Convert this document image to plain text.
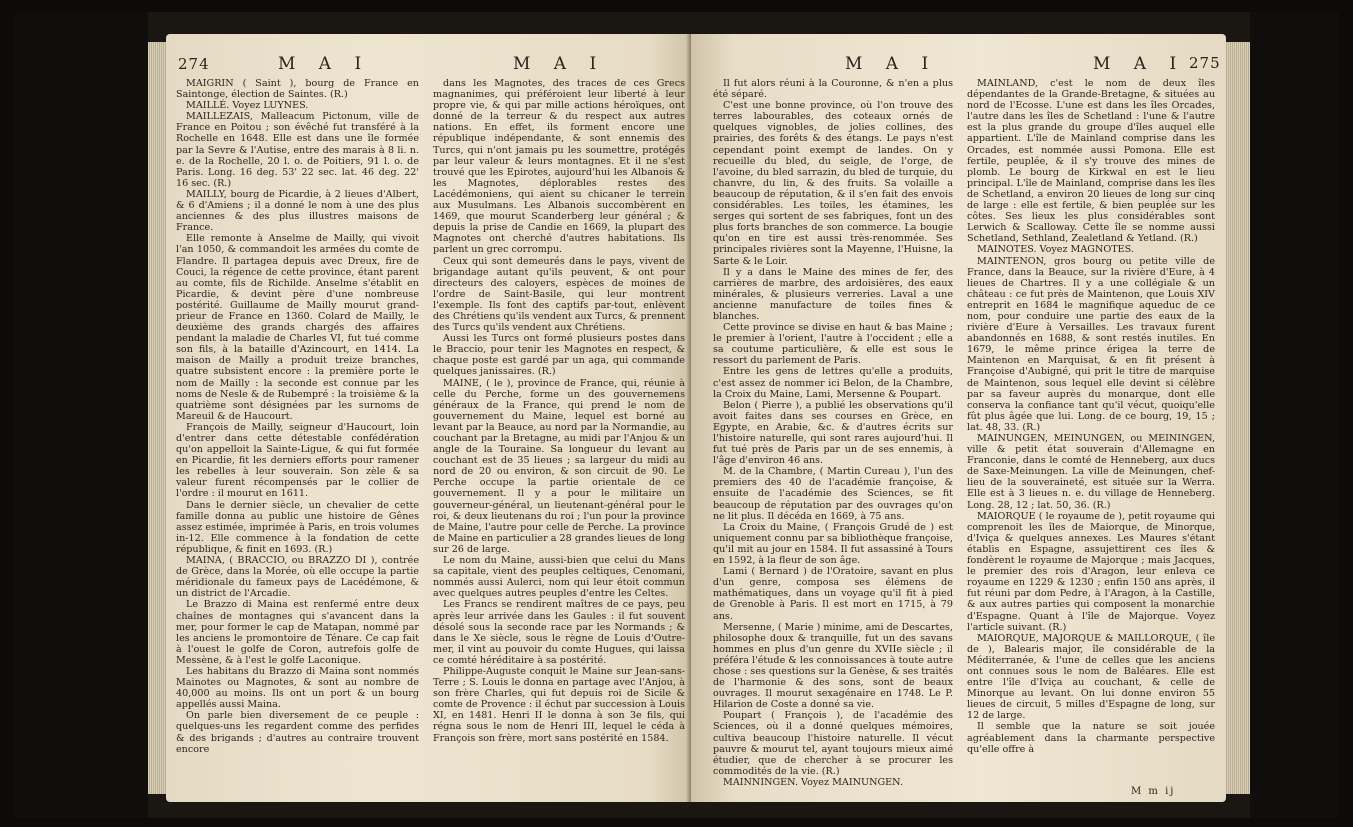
274	M A I	M A I

MAIGRIN ( Saint ), bourg de France en Saintonge, élection de Saintes. (R.)

MAILLÉ. Voyez LUYNES.

MAILLEZAIS, Malleacum Pictonum, ville de France en Poitou ; son évêché fut transféré à la Rochelle en 1648. Elle est dans une île formée par la Sevre & l'Autise, entre des marais à 8 li. n. e. de la Rochelle, 20 l. o. de Poitiers, 91 l. o. de Paris. Long. 16 deg. 53' 22 sec. lat. 46 deg. 22' 16 sec. (R.)

MAILLY, bourg de Picardie, à 2 lieues d'Albert, & 6 d'Amiens ; il a donné le nom à une des plus anciennes & des plus illustres maisons de France.

Elle remonte à Anselme de Mailly, qui vivoit l'an 1050, & commandoit les armées du comte de Flandre. Il partagea depuis avec Dreux, fire de Couci, la régence de cette province, étant parent au comte, fils de Richilde. Anselme s'établit en Picardie, & devint père d'une nombreuse postérité. Guillaume de Mailly mourut grand-prieur de France en 1360. Colard de Mailly, le deuxième des grands chargés des affaires pendant la maladie de Charles VI, fut tué comme son fils, à la bataille d'Azincourt, en 1414. La maison de Mailly a produit treize branches, quatre subsistent encore : la première porte le nom de Mailly : la seconde est connue par les noms de Nesle & de Rubempré : la troisième & la quatrième sont désignées par les surnoms de Mareuil & de Haucourt.

François de Mailly, seigneur d'Haucourt, loin d'entrer dans cette détestable confédération qu'on appelloit la Sainte-Ligue, & qui fut formée en Picardie, fit les derniers efforts pour ramener les rebelles à leur souverain. Son zèle & sa valeur furent récompensés par le collier de l'ordre : il mourut en 1611.

Dans le dernier siècle, un chevalier de cette famille donna au public une histoire de Gênes assez estimée, imprimée à Paris, en trois volumes in-12. Elle commence à la fondation de cette république, & finit en 1693. (R.)

MAINA, ( BRACCIO, ou BRAZZO DI ), contrée de Grèce, dans la Morée, où elle occupe la partie méridionale du fameux pays de Lacédémone, & un district de l'Arcadie.

Le Brazzo di Maina est renfermé entre deux chaînes de montagnes qui s'avancent dans la mer, pour former le cap de Matapan, nommé par les anciens le promontoire de Ténare. Ce cap fait à l'ouest le golfe de Coron, autrefois golfe de Messène, & à l'est le golfe Laconique.

Les habitans du Brazzo di Maina sont nommés Mainotes ou Magnotes, & sont au nombre de 40,000 au moins. Ils ont un port & un bourg appellés aussi Maina.

On parle bien diversement de ce peuple : quelques-uns les regardent comme des perfides & des brigands ; d'autres au contraire trouvent encore

dans les Magnotes, des traces de ces Grecs magnanimes, qui préféroient leur liberté à leur propre vie, & qui par mille actions héroïques, ont donné de la terreur & du respect aux autres nations. En effet, ils forment encore une république indépendante, & sont ennemis des Turcs, qui n'ont jamais pu les soumettre, protégés par leur valeur & leurs montagnes. Et il ne s'est trouvé que les Epirotes, aujourd'hui les Albanois & les Magnotes, déplorables restes des Lacédémoniens, qui aient su chicaner le terrein aux Musulmans. Les Albanois succombèrent en 1469, que mourut Scanderberg leur général ; & depuis la prise de Candie en 1669, la plupart des Magnotes ont cherché d'autres habitations. Ils parlent un grec corrompu.

Ceux qui sont demeurés dans le pays, vivent de brigandage autant qu'ils peuvent, & ont pour directeurs des caloyers, espèces de moines de l'ordre de Saint-Basile, qui leur montrent l'exemple. Ils font des captifs par-tout, enlèvent des Chrétiens qu'ils vendent aux Turcs, & prennent des Turcs qu'ils vendent aux Chrétiens.

Aussi les Turcs ont formé plusieurs postes dans le Braccio, pour tenir les Magnotes en respect, & chaque poste est gardé par un aga, qui commande quelques janissaires. (R.)

MAINE, ( le ), province de France, qui, réunie à celle du Perche, forme un des gouvernemens généraux de la France, qui prend le nom de gouvernement du Maine, lequel est borné au levant par la Beauce, au nord par la Normandie, au couchant par la Bretagne, au midi par l'Anjou & un angle de la Touraine. Sa longueur du levant au couchant est de 35 lieues ; sa largeur du midi au nord de 20 ou environ, & son circuit de 90. Le Perche occupe la partie orientale de ce gouvernement. Il y a pour le militaire un gouverneur-général, un lieutenant-général pour le roi, & deux lieutenans du roi ; l'un pour la province de Maine, l'autre pour celle de Perche. La province de Maine en particulier a 28 grandes lieues de long sur 26 de large.

Le nom du Maine, aussi-bien que celui du Mans sa capitale, vient des peuples celtiques, Cenomani, nommés aussi Aulerci, nom qui leur étoit commun avec quelques autres peuples d'entre les Celtes.

Les Francs se rendirent maîtres de ce pays, peu après leur arrivée dans les Gaules : il fut souvent désolé sous la seconde race par les Normands ; & dans le Xe siècle, sous le règne de Louis d'Outre-mer, il vint au pouvoir du comte Hugues, qui laissa ce comté héréditaire à sa postérité.

Philippe-Auguste conquit le Maine sur Jean-sans-Terre ; S. Louis le donna en partage avec l'Anjou, à son frère Charles, qui fut depuis roi de Sicile & comte de Provence : il échut par succession à Louis XI, en 1481. Henri II le donna à son 3e fils, qui régna sous le nom de Henri III, lequel le céda à François son frère, mort sans postérité en 1584.

M A I	M A I 275

Il fut alors réuni à la Couronne, & n'en a plus été séparé.

C'est une bonne province, où l'on trouve des terres labourables, des coteaux ornés de quelques vignobles, de jolies collines, des prairies, des forêts & des étangs. Le pays n'est cependant point exempt de landes. On y recueille du bled, du seigle, de l'orge, de l'avoine, du bled sarrazin, du bled de turquie, du chanvre, du lin, & des fruits. Sa volaille a beaucoup de réputation, & il s'en fait des envois considérables. Les toiles, les étamines, les serges qui sortent de ses fabriques, font un des plus forts branches de son commerce. La bougie qu'on en tire est aussi très-renommée. Ses principales rivières sont la Mayenne, l'Huisne, la Sarte & le Loir.

Il y a dans le Maine des mines de fer, des carrières de marbre, des ardoisières, des eaux minérales, & plusieurs verreries. Laval a une ancienne manufacture de toiles fines & blanches.

Cette province se divise en haut & bas Maine ; le premier à l'orient, l'autre à l'occident ; elle a sa coutume particulière, & elle est sous le ressort du parlement de Paris.

Entre les gens de lettres qu'elle a produits, c'est assez de nommer ici Belon, de la Chambre, la Croix du Maine, Lami, Mersenne & Poupart.

Belon ( Pierre ), a publié les observations qu'il avoit faites dans ses courses en Grèce, en Egypte, en Arabie, &c. & d'autres écrits sur l'histoire naturelle, qui sont rares aujourd'hui. Il fut tué près de Paris par un de ses ennemis, à l'âge d'environ 46 ans.

M. de la Chambre, ( Martin Cureau ), l'un des premiers des 40 de l'académie françoise, & ensuite de l'académie des Sciences, se fit beaucoup de réputation par des ouvrages qu'on ne lit plus. Il décéda en 1669, à 75 ans.

La Croix du Maine, ( François Grudé de ) est uniquement connu par sa bibliothèque françoise, qu'il mit au jour en 1584. Il fut assassiné à Tours en 1592, à la fleur de son âge.

Lami ( Bernard ) de l'Oratoire, savant en plus d'un genre, composa ses élémens de mathématiques, dans un voyage qu'il fit à pied de Grenoble à Paris. Il est mort en 1715, à 79 ans.

Mersenne, ( Marie ) minime, ami de Descartes, philosophe doux & tranquille, fut un des savans hommes en plus d'un genre du XVIIe siècle ; il préféra l'étude & les connoissances à toute autre chose : ses questions sur la Genèse, & ses traités de l'harmonie & des sons, sont de beaux ouvrages. Il mourut sexagénaire en 1748. Le P. Hilarion de Coste a donné sa vie.

Poupart ( François ), de l'académie des Sciences, où il a donné quelques mémoires, cultiva beaucoup l'histoire naturelle. Il vécut pauvre & mourut tel, ayant toujours mieux aimé étudier, que de chercher à se procurer les commodités de la vie. (R.)

MAINNINGEN. Voyez MAINUNGEN.

MAINLAND, c'est le nom de deux îles dépendantes de la Grande-Bretagne, & situées au nord de l'Ecosse. L'une est dans les îles Orcades, l'autre dans les îles de Schetland : l'une & l'autre est la plus grande du groupe d'îles auquel elle appartient. L'île de Mainland comprise dans les Orcades, est nommée aussi Pomona. Elle est fertile, peuplée, & il s'y trouve des mines de plomb. Le bourg de Kirkwal en est le lieu principal. L'île de Mainland, comprise dans les îles de Schetland, a environ 20 lieues de long sur cinq de large : elle est fertile, & bien peuplée sur les côtes. Ses lieux les plus considérables sont Lerwich & Scalloway. Cette île se nomme aussi Schetland, Sethland, Zealetland & Yetland. (R.)

MAINOTES. Voyez MAGNOTES.

MAINTENON, gros bourg ou petite ville de France, dans la Beauce, sur la rivière d'Eure, à 4 lieues de Chartres. Il y a une collégiale & un château : ce fut près de Maintenon, que Louis XIV entreprit en 1684 le magnifique aqueduc de ce nom, pour conduire une partie des eaux de la rivière d'Eure à Versailles. Les travaux furent abandonnés en 1688, & sont restés inutiles. En 1679, le même prince érigea la terre de Maintenon en Marquisat, & en fit présent à Françoise d'Aubigné, qui prit le titre de marquise de Maintenon, sous lequel elle devint si célèbre par sa faveur auprès du monarque, dont elle conserva la confiance tant qu'il vécut, quoiqu'elle fût plus âgée que lui. Long. de ce bourg, 19, 15 ; lat. 48, 33. (R.)

MAINUNGEN, MEINUNGEN, ou MEININGEN, ville & petit état souverain d'Allemagne en Franconie, dans le comté de Henneberg, aux ducs de Saxe-Meinungen. La ville de Meinungen, chef-lieu de la souveraineté, est située sur la Werra. Elle est à 3 lieues n. e. du village de Henneberg. Long. 28, 12 ; lat. 50, 36. (R.)

MAIORQUE ( le royaume de ), petit royaume qui comprenoit les îles de Maiorque, de Minorque, d'Iviça & quelques annexes. Les Maures s'étant établis en Espagne, assujettirent ces îles & fondèrent le royaume de Majorque ; mais Jacques, le premier des rois d'Aragon, leur enleva ce royaume en 1229 & 1230 ; enfin 150 ans après, il fut réuni par dom Pedre, à l'Aragon, à la Castille, & aux autres parties qui composent la monarchie d'Espagne. Quant à l'île de Majorque. Voyez l'article suivant. (R.)

MAIORQUE, MAJORQUE & MAILLORQUE, ( île de ), Balearis major, île considérable de la Méditerranée, & l'une de celles que les anciens ont connues sous le nom de Baléares. Elle est entre l'île d'Iviça au couchant, & celle de Minorque au levant. On lui donne environ 55 lieues de circuit, 5 milles d'Espagne de long, sur 12 de large.

Il semble que la nature se soit jouée agréablement dans la charmante perspective qu'elle offre à

M m ij
